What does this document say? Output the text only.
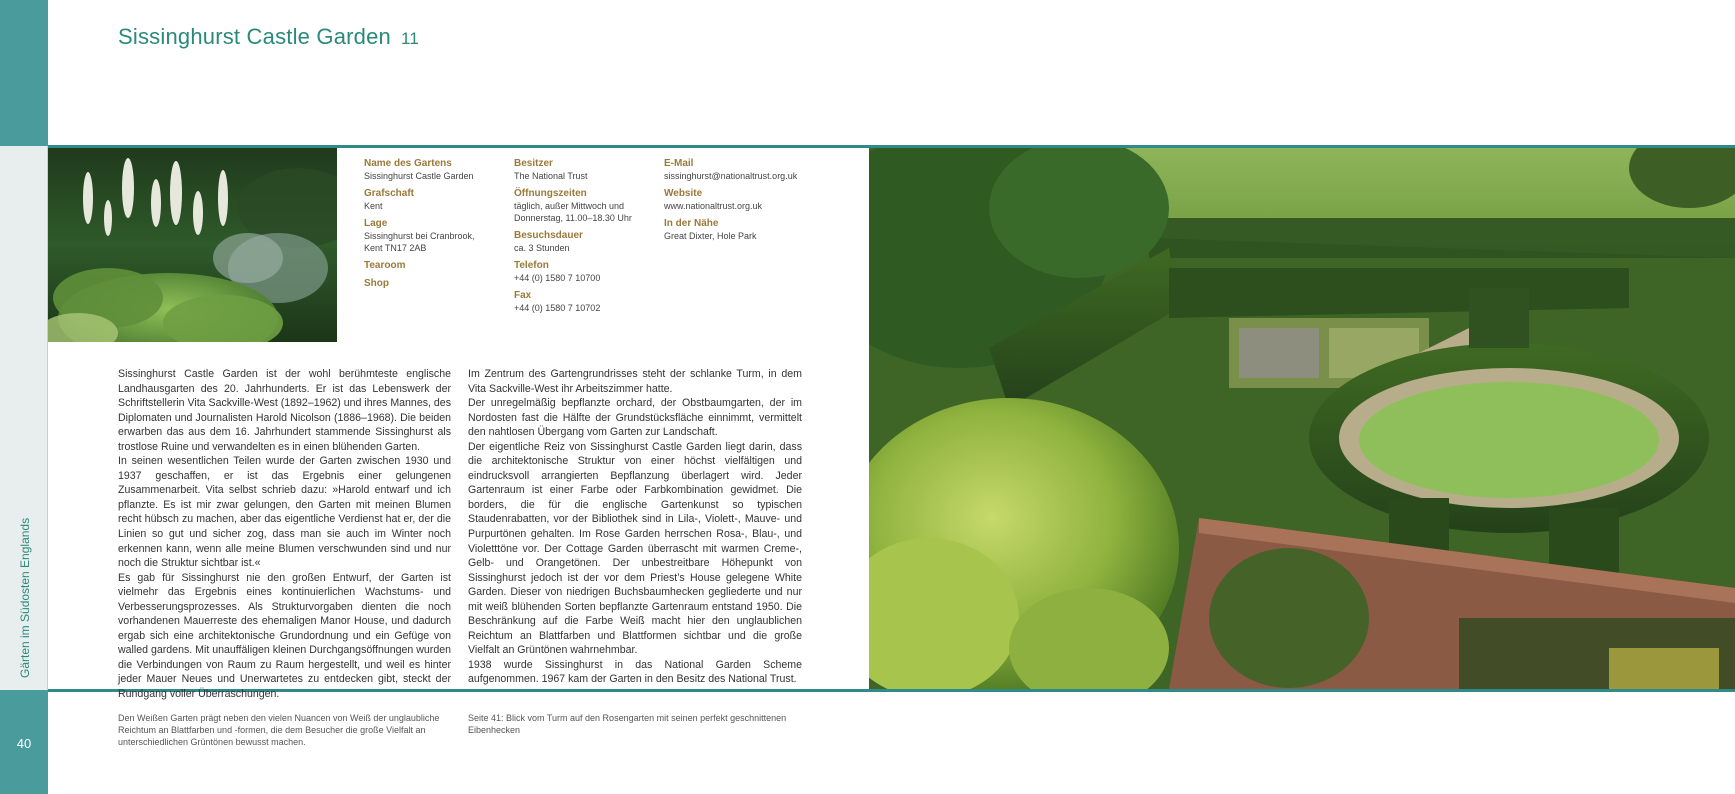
Sissinghurst Castle Garden 11
Gärten im Südosten Englands
40
Name des Gartens
Sissinghurst Castle Garden
Grafschaft
Kent
Lage
Sissinghurst bei Cranbrook,
Kent TN17 2AB
Tearoom
Shop
Besitzer
The National Trust
Öffnungszeiten
täglich, außer Mittwoch und
Donnerstag, 11.00–18.30 Uhr
Besuchsdauer
ca. 3 Stunden
Telefon
+44 (0) 1580 7 10700
Fax
+44 (0) 1580 7 10702
E-Mail
sissinghurst@nationaltrust.org.uk
Website
www.nationaltrust.org.uk
In der Nähe
Great Dixter, Hole Park

Sissinghurst Castle Garden ist der wohl berühmteste englische Landhausgarten des 20. Jahrhunderts. Er ist das Lebenswerk der Schriftstellerin Vita Sackville-West (1892–1962) und ihres Mannes, des Diplomaten und Journalisten Harold Nicolson (1886–1968). Die beiden erwarben das aus dem 16. Jahrhundert stammende Sissinghurst als trostlose Ruine und verwandelten es in einen blühenden Garten.

In seinen wesentlichen Teilen wurde der Garten zwischen 1930 und 1937 geschaffen, er ist das Ergebnis einer gelungenen Zusammenarbeit. Vita selbst schrieb dazu: »Harold entwarf und ich pflanzte. Es ist mir zwar gelungen, den Garten mit meinen Blumen recht hübsch zu machen, aber das eigentliche Verdienst hat er, der die Linien so gut und sicher zog, dass man sie auch im Winter noch erkennen kann, wenn alle meine Blumen verschwunden sind und nur noch die Struktur sichtbar ist.«

Es gab für Sissinghurst nie den großen Entwurf, der Garten ist vielmehr das Ergebnis eines kontinuierlichen Wachstums- und Verbesserungsprozesses. Als Strukturvorgaben dienten die noch vorhandenen Mauerreste des ehemaligen Manor House, und dadurch ergab sich eine architektonische Grundordnung und ein Gefüge von walled gardens. Mit unauffäligen kleinen Durchgangsöffnungen wurden die Verbindungen von Raum zu Raum hergestellt, und weil es hinter jeder Mauer Neues und Unerwartetes zu entdecken gibt, steckt der Rundgang voller Überraschungen.

Im Zentrum des Gartengrundrisses steht der schlanke Turm, in dem Vita Sackville-West ihr Arbeitszimmer hatte.

Der unregelmäßig bepflanzte orchard, der Obstbaumgarten, der im Nordosten fast die Hälfte der Grundstücksfläche einnimmt, vermittelt den nahtlosen Übergang vom Garten zur Landschaft.

Der eigentliche Reiz von Sissinghurst Castle Garden liegt darin, dass die architektonische Struktur von einer höchst vielfältigen und eindrucksvoll arrangierten Bepflanzung überlagert wird. Jeder Gartenraum ist einer Farbe oder Farbkombination gewidmet. Die borders, die für die englische Gartenkunst so typischen Staudenrabatten, vor der Bibliothek sind in Lila-, Violett-, Mauve- und Purpurtönen gehalten. Im Rose Garden herrschen Rosa-, Blau-, und Violetttöne vor. Der Cottage Garden überrascht mit warmen Creme-, Gelb- und Orangetönen. Der unbestreitbare Höhepunkt von Sissinghurst jedoch ist der vor dem Priest’s House gelegene White Garden. Dieser von niedrigen Buchsbaumhecken gegliederte und nur mit weiß blühenden Sorten bepflanzte Gartenraum entstand 1950. Die Beschränkung auf die Farbe Weiß macht hier den unglaublichen Reichtum an Blattfarben und Blattformen sichtbar und die große Vielfalt an Grüntönen wahrnehmbar.

1938 wurde Sissinghurst in das National Garden Scheme aufgenommen. 1967 kam der Garten in den Besitz des National Trust.

Den Weißen Garten prägt neben den vielen Nuancen von Weiß der unglaubliche Reichtum an Blattfarben und -formen, die dem Besucher die große Vielfalt an unterschiedlichen Grüntönen bewusst machen.
Seite 41: Blick vom Turm auf den Rosengarten mit seinen perfekt geschnittenen Eibenhecken
